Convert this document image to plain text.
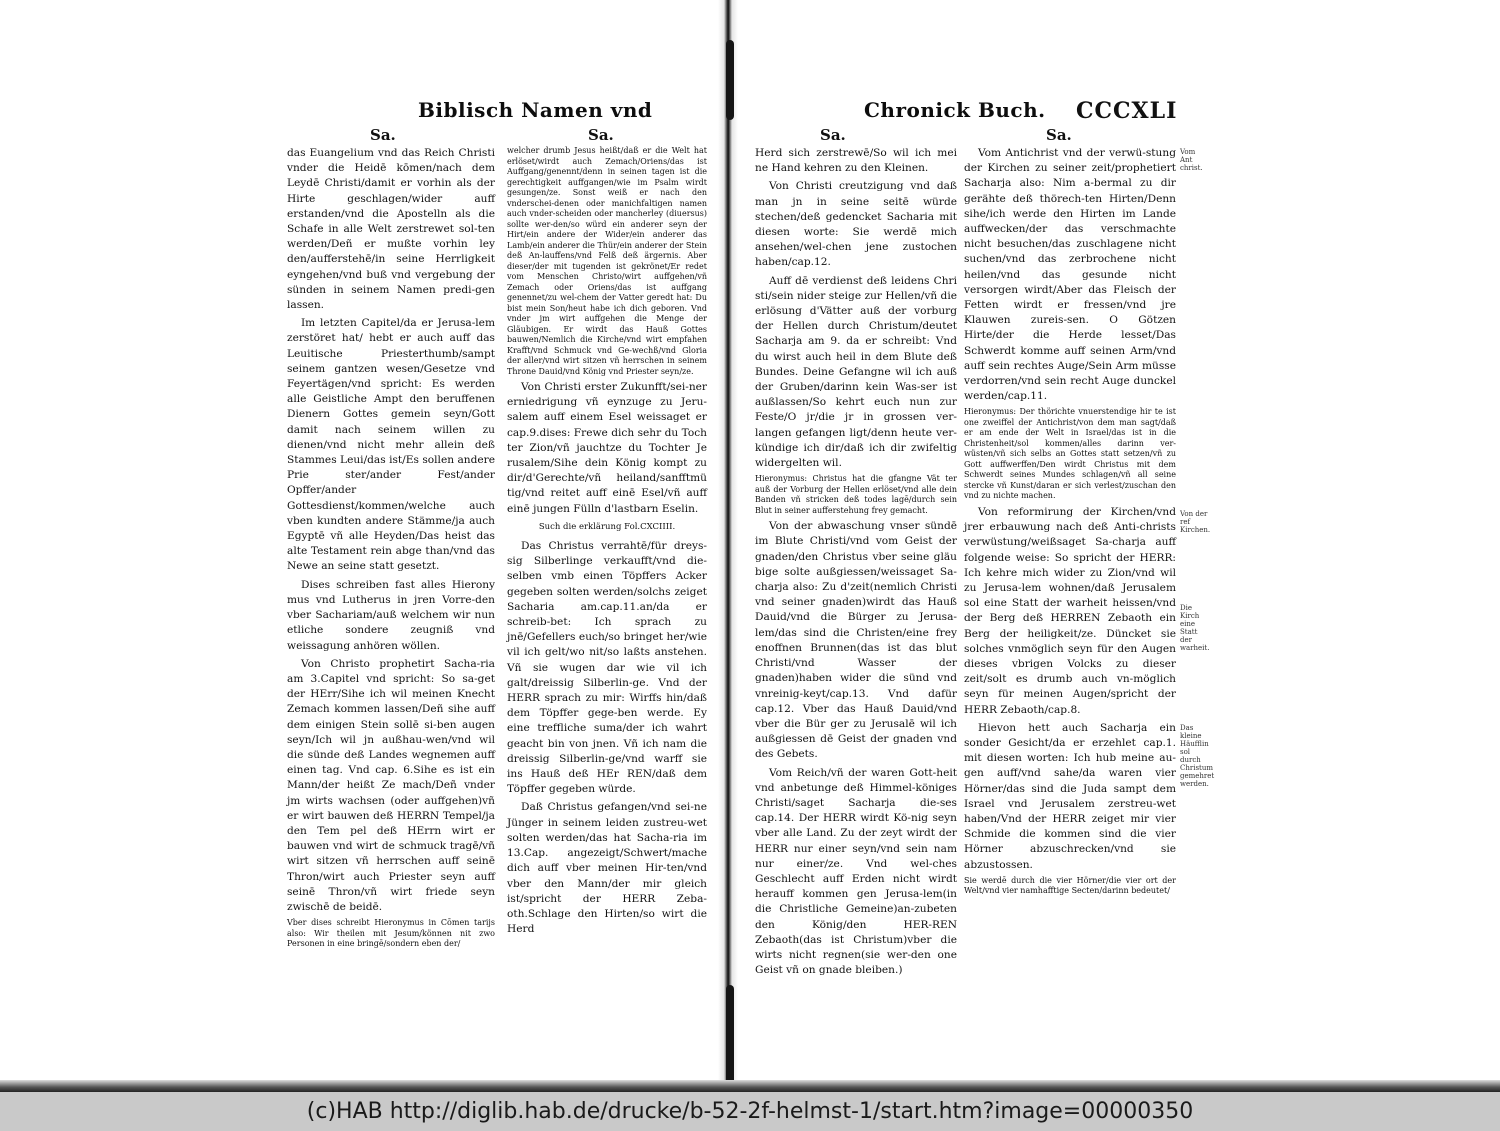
Biblisch Namen vnd	Chronick Buch. CCCXLI
Sa.	Sa.	Sa.	Sa.

das Euangelium vnd das Reich Christi vnder die Heidē kōmen/nach dem Leydē Christi/damit er vorhin als der Hirte geschlagen/wider auff erstanden/vnd die Apostelln als die Schafe in alle Welt zerstrewet sol-ten werden/Deñ er mußte vorhin ley den/aufferstehē/in seine Herrligkeit eyngehen/vnd buß vnd vergebung der sünden in seinem Namen predi-gen lassen.

Im letzten Capitel/da er Jerusa-lem zerstöret hat/ hebt er auch auff das Leuitische Priesterthumb/sampt seinem gantzen wesen/Gesetze vnd Feyertägen/vnd spricht: Es werden alle Geistliche Ampt den beruffenen Dienern Gottes gemein seyn/Gott damit nach seinem willen zu dienen/vnd nicht mehr allein deß Stammes Leui/das ist/Es sollen andere Prie ster/ander Fest/ander Opffer/ander Gottesdienst/kommen/welche auch vben kundten andere Stämme/ja auch Egyptē vñ alle Heyden/Das heist das alte Testament rein abge than/vnd das Newe an seine statt gesetzt.

Dises schreiben fast alles Hierony mus vnd Lutherus in jren Vorre-den vber Sachariam/auß welchem wir nun etliche sondere zeugniß vnd weissagung anhören wöllen.

Von Christo prophetirt Sacha-ria am 3.Capitel vnd spricht: So sa-get der HErr/Sihe ich wil meinen Knecht Zemach kommen lassen/Deñ sihe auff dem einigen Stein sollē si-ben augen seyn/Ich wil jn außhau-wen/vnd wil die sünde deß Landes wegnemen auff einen tag. Vnd cap. 6.Sihe es ist ein Mann/der heißt Ze mach/Deñ vnder jm wirts wachsen (oder auffgehen)vñ er wirt bauwen deß HERRN Tempel/ja den Tem pel deß HErrn wirt er bauwen vnd wirt de schmuck tragē/vñ wirt sitzen vñ herrschen auff seinē Thron/wirt auch Priester seyn auff seinē Thron/vñ wirt friede seyn zwischē de beidē.

Vber dises schreibt Hieronymus in Cōmen tarijs also: Wir theilen mit Jesum/können nit zwo Personen in eine bringē/sondern eben der/

welcher drumb Jesus heißt/daß er die Welt hat erlöset/wirdt auch Zemach/Oriens/das ist Auffgang/genennt/denn in seinen tagen ist die gerechtigkeit auffgangen/wie im Psalm wirdt gesungen/ze. Sonst weiß er nach den vnderschei-denen oder manichfaltigen namen auch vnder-scheiden oder mancherley (diuersus) sollte wer-den/so würd ein anderer seyn der Hirt/ein andere der Wider/ein anderer das Lamb/ein anderer die Thür/ein anderer der Stein deß An-lauffens/vnd Felß deß ärgernis. Aber dieser/der mit tugenden ist gekrönet/Er redet vom Menschen Christo/wirt auffgehen/vñ Zemach oder Oriens/das ist auffgang genennet/zu wel-chem der Vatter geredt hat: Du bist mein Son/heut habe ich dich geboren. Vnd vnder jm wirt auffgehen die Menge der Gläubigen. Er wirdt das Hauß Gottes bauwen/Nemlich die Kirche/vnd wirt empfahen Krafft/vnd Schmuck vnd Ge-wechß/vnd Gloria der aller/vnd wirt sitzen vñ herrschen in seinem Throne Dauid/vnd König vnd Priester seyn/ze.

Von Christi erster Zukunfft/sei-ner erniedrigung vñ eynzuge zu Jeru-salem auff einem Esel weissaget er cap.9.dises: Frewe dich sehr du Toch ter Zion/vñ jauchtze du Tochter Je rusalem/Sihe dein König kompt zu dir/d'Gerechte/vñ heiland/sanfftmü tig/vnd reitet auff einē Esel/vñ auff einē jungen Fülln d'lastbarn Eselin.

Such die erklärung Fol.CXCIIII.

Das Christus verrahtē/für dreys-sig Silberlinge verkaufft/vnd die-selben vmb einen Töpffers Acker gegeben solten werden/solchs zeiget Sacharia am.cap.11.an/da er schreib-bet: Ich sprach zu jnē/Gefellers euch/so bringet her/wie vil ich gelt/wo nit/so laßts anstehen. Vñ sie wugen dar wie vil ich galt/dreissig Silberlin-ge. Vnd der HERR sprach zu mir: Wirffs hin/daß dem Töpffer gege-ben werde. Ey eine treffliche suma/der ich wahrt geacht bin von jnen. Vñ ich nam die dreissig Silberlin-ge/vnd warff sie ins Hauß deß HEr REN/daß dem Töpffer gegeben würde.

Daß Christus gefangen/vnd sei-ne Jünger in seinem leiden zustreu-wet solten werden/das hat Sacha-ria im 13.Cap. angezeigt/Schwert/mache dich auff vber meinen Hir-ten/vnd vber den Mann/der mir gleich ist/spricht der HERR Zeba-oth.Schlage den Hirten/so wirt die Herd

Herd sich zerstrewē/So wil ich mei ne Hand kehren zu den Kleinen.

Von Christi creutzigung vnd daß man jn in seine seitē würde stechen/deß gedencket Sacharia mit diesen worte: Sie werdē mich ansehen/wel-chen jene zustochen haben/cap.12.

Auff dē verdienst deß leidens Chri sti/sein nider steige zur Hellen/vñ die erlösung d'Vätter auß der vorburg der Hellen durch Christum/deutet Sacharja am 9. da er schreibt: Vnd du wirst auch heil in dem Blute deß Bundes. Deine Gefangne wil ich auß der Gruben/darinn kein Was-ser ist außlassen/So kehrt euch nun zur Feste/O jr/die jr in grossen ver-langen gefangen ligt/denn heute ver-kündige ich dir/daß ich dir zwifeltig widergelten wil.

Hieronymus: Christus hat die gfangne Vät ter auß der Vorburg der Hellen erlöset/vnd alle dein Banden vñ stricken deß todes lagē/durch sein Blut in seiner aufferstehung frey gemacht.

Von der abwaschung vnser sündē im Blute Christi/vnd vom Geist der gnaden/den Christus vber seine gläu bige solte außgiessen/weissaget Sa-charja also: Zu d'zeit(nemlich Christi vnd seiner gnaden)wirdt das Hauß Dauid/vnd die Bürger zu Jerusa-lem/das sind die Christen/eine frey enoffnen Brunnen(das ist das blut Christi/vnd Wasser der gnaden)haben wider die sünd vnd vnreinig-keyt/cap.13. Vnd dafür cap.12. Vber das Hauß Dauid/vnd vber die Bür ger zu Jerusalē wil ich außgiessen dē Geist der gnaden vnd des Gebets.

Vom Reich/vñ der waren Gott-heit vnd anbetunge deß Himmel-königes Christi/saget Sacharja die-ses cap.14. Der HERR wirdt Kö-nig seyn vber alle Land. Zu der zeyt wirdt der HERR nur einer seyn/vnd sein nam nur einer/ze. Vnd wel-ches Geschlecht auff Erden nicht wirdt herauff kommen gen Jerusa-lem(in die Christliche Gemeine)an-zubeten den König/den HER-REN Zebaoth(das ist Christum)vber die wirts nicht regnen(sie wer-den one Geist vñ on gnade bleiben.)

Vom Antichrist vnd der verwü-stung der Kirchen zu seiner zeit/prophetiert Sacharja also: Nim a-bermal zu dir gerähte deß thörech-ten Hirten/Denn sihe/ich werde den Hirten im Lande auffwecken/der das verschmachte nicht besuchen/das zuschlagene nicht suchen/vnd das zerbrochene nicht heilen/vnd das gesunde nicht versorgen wirdt/Aber das Fleisch der Fetten wirdt er fressen/vnd jre Klauwen zureis-sen. O Götzen Hirte/der die Herde lesset/Das Schwerdt komme auff seinen Arm/vnd auff sein rechtes Auge/Sein Arm müsse verdorren/vnd sein recht Auge dunckel werden/cap.11.

Hieronymus: Der thörichte vnuerstendige hir te ist one zweiffel der Antichrist/von dem man sagt/daß er am ende der Welt in Israel/das ist in die Christenheit/sol kommen/alles darinn ver-wüsten/vñ sich selbs an Gottes statt setzen/vñ zu Gott auffwerffen/Den wirdt Christus mit dem Schwerdt seines Mundes schlagen/vñ all seine stercke vñ Kunst/daran er sich verlest/zuschan den vnd zu nichte machen.

Von reformirung der Kirchen/vnd jrer erbauwung nach deß Anti-christs verwüstung/weißsaget Sa-charja auff folgende weise: So spricht der HERR: Ich kehre mich wider zu Zion/vnd wil zu Jerusa-lem wohnen/daß Jerusalem sol eine Statt der warheit heissen/vnd der Berg deß HERREN Zebaoth ein Berg der heiligkeit/ze. Düncket sie solches vnmöglich seyn für den Augen dieses vbrigen Volcks zu dieser zeit/solt es drumb auch vn-möglich seyn für meinen Augen/spricht der HERR Zebaoth/cap.8.

Hievon hett auch Sacharja ein sonder Gesicht/da er erzehlet cap.1. mit diesen worten: Ich hub meine au-gen auff/vnd sahe/da waren vier Hörner/das sind die Juda sampt dem Israel vnd Jerusalem zerstreu-wet haben/Vnd der HERR zeiget mir vier Schmide die kommen sind die vier Hörner abzuschrecken/vnd sie abzustossen.

Sie werdē durch die vier Hörner/die vier ort der Welt/vnd vier namhafftige Secten/darinn bedeutet/

Vom Ant christ.
Von der ref Kirchen.
Die Kirch eine Statt der warheit.
Das kleine Häufflin sol durch Christum gemehret werden.
(c)HAB http://diglib.hab.de/drucke/b-52-2f-helmst-1/start.htm?image=00000350
